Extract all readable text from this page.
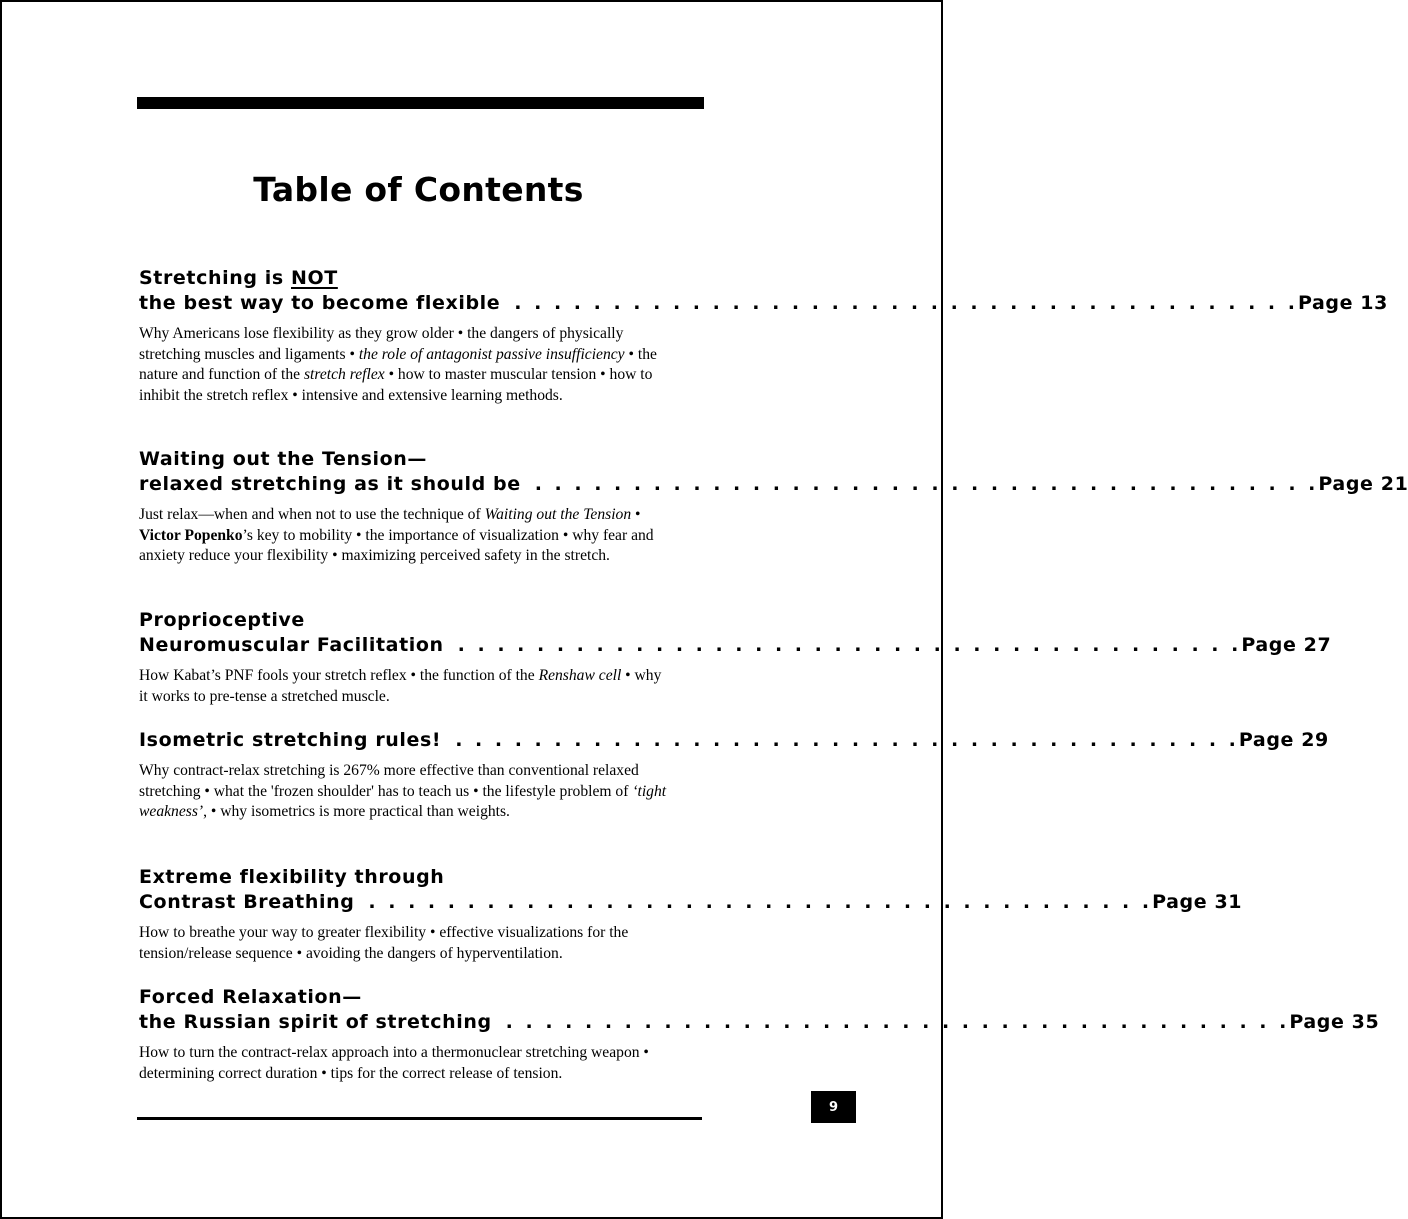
Table of Contents
Stretching is NOT
the best way to become flexible . . . . . . . . . . . . . . . . . . . . . . . . . . . . . . . . . . . . . . . . Page 13

Why Americans lose flexibility as they grow older • the dangers of physically stretching muscles and ligaments • the role of antagonist passive insufficiency • the nature and function of the stretch reflex • how to master muscular tension • how to inhibit the stretch reflex • intensive and extensive learning methods.

Waiting out the Tension—
relaxed stretching as it should be . . . . . . . . . . . . . . . . . . . . . . . . . . . . . . . . . . . . . . . . Page 21

Just relax—when and when not to use the technique of Waiting out the Tension • Victor Popenko’s key to mobility • the importance of visualization • why fear and anxiety reduce your flexibility • maximizing perceived safety in the stretch.

Proprioceptive
Neuromuscular Facilitation . . . . . . . . . . . . . . . . . . . . . . . . . . . . . . . . . . . . . . . . Page 27

How Kabat’s PNF fools your stretch reflex • the function of the Renshaw cell • why it works to pre-tense a stretched muscle.

Isometric stretching rules! . . . . . . . . . . . . . . . . . . . . . . . . . . . . . . . . . . . . . . . . Page 29

Why contract-relax stretching is 267% more effective than conventional relaxed stretching • what the 'frozen shoulder' has to teach us • the lifestyle problem of ‘tight weakness’, • why isometrics is more practical than weights.

Extreme flexibility through
Contrast Breathing . . . . . . . . . . . . . . . . . . . . . . . . . . . . . . . . . . . . . . . . Page 31

How to breathe your way to greater flexibility • effective visualizations for the tension/release sequence • avoiding the dangers of hyperventilation.

Forced Relaxation—
the Russian spirit of stretching . . . . . . . . . . . . . . . . . . . . . . . . . . . . . . . . . . . . . . . . Page 35

How to turn the contract-relax approach into a thermonuclear stretching weapon • determining correct duration • tips for the correct release of tension.

9
